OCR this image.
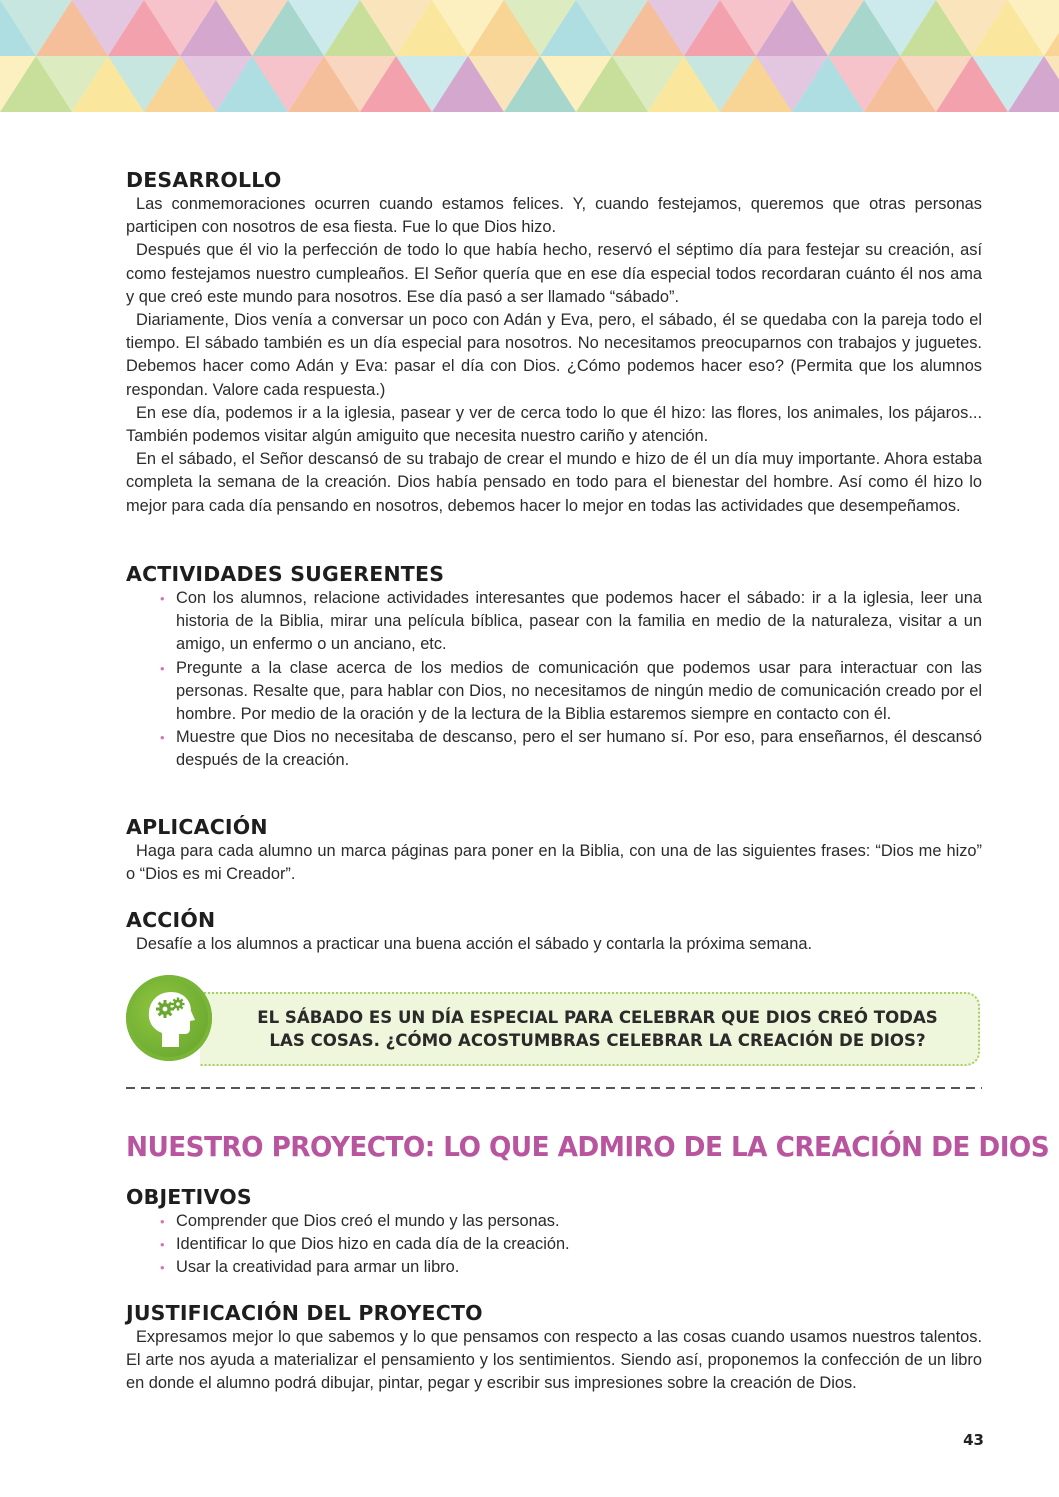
DESARROLLO

Las conmemoraciones ocurren cuando estamos felices. Y, cuando festejamos, queremos que otras personas participen con nosotros de esa fiesta. Fue lo que Dios hizo.

Después que él vio la perfección de todo lo que había hecho, reservó el séptimo día para festejar su creación, así como festejamos nuestro cumpleaños. El Señor quería que en ese día especial todos recordaran cuánto él nos ama y que creó este mundo para nosotros. Ese día pasó a ser llamado “sábado”.

Diariamente, Dios venía a conversar un poco con Adán y Eva, pero, el sábado, él se quedaba con la pareja todo el tiempo. El sábado también es un día especial para nosotros. No necesitamos preocuparnos con trabajos y juguetes. Debemos hacer como Adán y Eva: pasar el día con Dios. ¿Cómo podemos hacer eso? (Permita que los alumnos respondan. Valore cada respuesta.)

En ese día, podemos ir a la iglesia, pasear y ver de cerca todo lo que él hizo: las flores, los animales, los pájaros... También podemos visitar algún amiguito que necesita nuestro cariño y atención.

En el sábado, el Señor descansó de su trabajo de crear el mundo e hizo de él un día muy importante. Ahora estaba completa la semana de la creación. Dios había pensado en todo para el bienestar del hombre. Así como él hizo lo mejor para cada día pensando en nosotros, debemos hacer lo mejor en todas las actividades que desempeñamos.

ACTIVIDADES SUGERENTES
• Con los alumnos, relacione actividades interesantes que podemos hacer el sábado: ir a la iglesia, leer una historia de la Biblia, mirar una película bíblica, pasear con la familia en medio de la naturaleza, visitar a un amigo, un enfermo o un anciano, etc.
• Pregunte a la clase acerca de los medios de comunicación que podemos usar para interactuar con las personas. Resalte que, para hablar con Dios, no necesitamos de ningún medio de comunicación creado por el hombre. Por medio de la oración y de la lectura de la Biblia estaremos siempre en contacto con él.
• Muestre que Dios no necesitaba de descanso, pero el ser humano sí. Por eso, para enseñarnos, él descansó después de la creación.
APLICACIÓN

Haga para cada alumno un marca páginas para poner en la Biblia, con una de las siguientes frases: “Dios me hizo” o “Dios es mi Creador”.

ACCIÓN

Desafíe a los alumnos a practicar una buena acción el sábado y contarla la próxima semana.

EL SÁBADO ES UN DÍA ESPECIAL PARA CELEBRAR QUE DIOS CREÓ TODAS
LAS COSAS. ¿CÓMO ACOSTUMBRAS CELEBRAR LA CREACIÓN DE DIOS?
NUESTRO PROYECTO: LO QUE ADMIRO DE LA CREACIÓN DE DIOS
OBJETIVOS
• Comprender que Dios creó el mundo y las personas.
• Identificar lo que Dios hizo en cada día de la creación.
• Usar la creatividad para armar un libro.
JUSTIFICACIÓN DEL PROYECTO

Expresamos mejor lo que sabemos y lo que pensamos con respecto a las cosas cuando usamos nuestros talentos. El arte nos ayuda a materializar el pensamiento y los sentimientos. Siendo así, proponemos la confección de un libro en donde el alumno podrá dibujar, pintar, pegar y escribir sus impresiones sobre la creación de Dios.

43
